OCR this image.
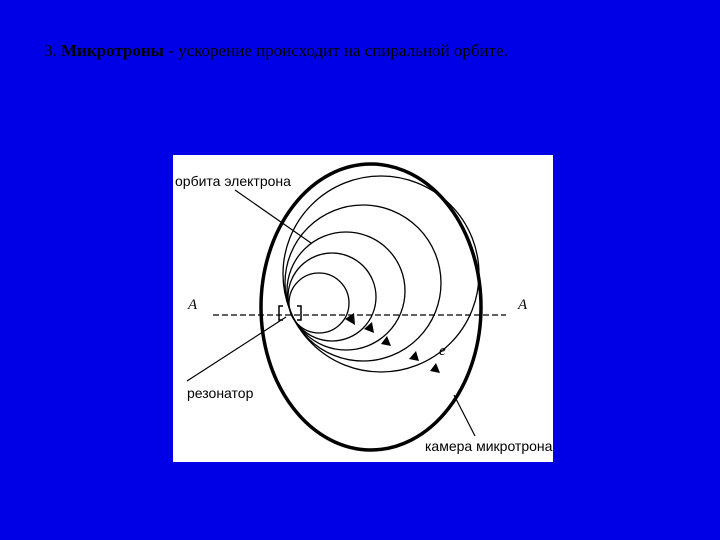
3. Микротроны - ускорение происходит на спиральной орбите.
орбита электрона
A	A
e
резонатор
камера микротрона
